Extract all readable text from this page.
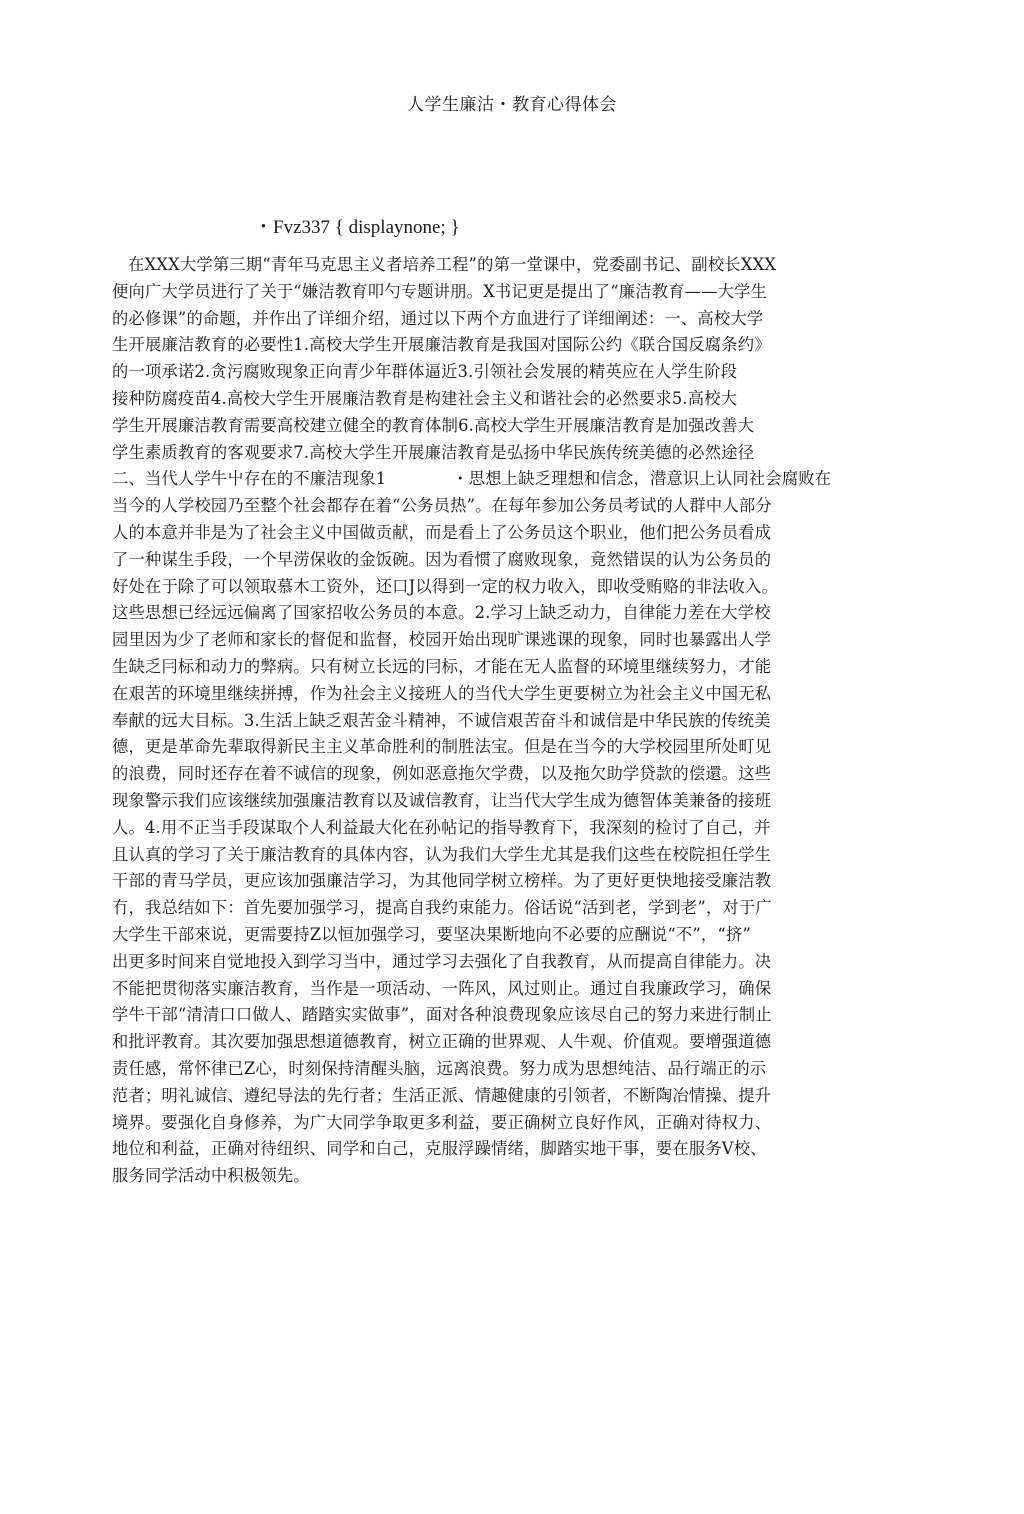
人学生廉沽・教育心得体会
・Fvz337 { displaynone; }
在XXX大学第三期“青年马克思主义者培养工程”的第一堂课中，党委副书记、副校长XXX
便向广大学员进行了关于“嫌洁教育叩勺专题讲朋。X书记更是提出了“廉洁教育——大学生
的必修课”的命题，并作出了详细介绍，通过以下两个方血进行了详细阐述：一、高校大学
生开展廉洁教育的必要性1.高校大学生开展廉洁教育是我国对国际公约《联合国反腐条约》
的一项承诺2.贪污腐败现象正向青少年群体逼近3.引领社会发展的精英应在人学生阶段
接种防腐疫苗4.高校大学生开展廉洁教育是构建社会主义和谐社会的必然要求5.高校大
学生开展廉洁教育需要高校建立健全的教育体制6.高校大学生开展廉洁教育是加强改善大
学生素质教育的客观要求7.高校大学生开展廉洁教育是弘扬中华民族传统美德的必然途径
二、当代人学牛屮存在的不廉洁现象1　　　　・思想上缺乏理想和信念，潜意识上认同社会腐败在
当今的人学校园乃至整个社会都存在着“公务员热”。在每年参加公务员考试的人群中人部分
人的本意并非是为了社会主义中国做贡献，而是看上了公务员这个职业，他们把公务员看成
了一种谋生手段，一个早涝保收的金饭碗。因为看惯了腐败现象，竟然错误的认为公务员的
好处在于除了可以领取慕木工资外，还口J以得到一定的权力收入，即收受贿赂的非法收入。
这些思想已经远远偏离了国家招收公务员的本意。2.学习上缺乏动力，自律能力差在大学校
园里因为少了老师和家长的督促和监督，校园开始出现旷课逃课的现象，同时也暴露出人学
生缺乏冃标和动力的弊病。只有树立长远的冃标，才能在无人监督的环境里继续努力，才能
在艰苦的环境里继续拼搏，作为社会主义接班人的当代大学生更要树立为社会主义中国无私
奉献的远大目标。3.生活上缺乏艰苦金斗精神，不诚信艰苦奋斗和诚信是中华民族的传统美
德，更是革命先辈取得新民主主义革命胜利的制胜法宝。但是在当今的大学校园里所处町见
的浪费，同时还存在着不诚信的现象，例如恶意拖欠学费，以及拖欠助学贷款的偿還。这些
现象警示我们应该继续加强廉洁教育以及诚信教育，让当代大学生成为德智体美兼备的接班
人。4.用不正当手段谋取个人利益最大化在孙帖记的指导教育下，我深刻的检讨了自己，并
且认真的学习了关于廉洁教育的具体内容，认为我们大学生尤其是我们这些在校院担任学生
干部的青马学员，更应该加强廉洁学习，为其他同学树立榜样。为了更好更快地接受廉洁教
冇，我总结如下：首先要加强学习，提高自我约束能力。俗话说“活到老，学到老”，对于广
大学生干部來说，更需要持Z以恒加强学习，要坚决果断地向不必要的应酬说“不”，“挤”
出更多时间来自觉地投入到学习当中，通过学习去强化了自我教育，从而提高自律能力。决
不能把贯彻落实廉洁教育，当作是一项活动、一阵风，风过则止。通过自我廉政学习，确保
学牛干部“清清口口做人、踏踏实实做事”，面对各种浪费现象应该尽自己的努力来进行制止
和批评教育。其次要加强思想道德教育，树立正确的世界观、人牛观、价值观。要增强道德
责任感，常怀律已Z心，时刻保持清醒头脑，远离浪费。努力成为思想纯洁、品行端正的示
范者；明礼诚信、遵纪导法的先行者；生活正派、情趣健康的引领者，不断陶冶情操、提升
境界。要强化自身修养，为广大同学争取更多利益，要正确树立良好作风，正确对待权力、
地位和利益，正确对待纽织、同学和白己，克服浮躁情绪，脚踏实地干事，要在服务V校、
服务同学活动中积极领先。
